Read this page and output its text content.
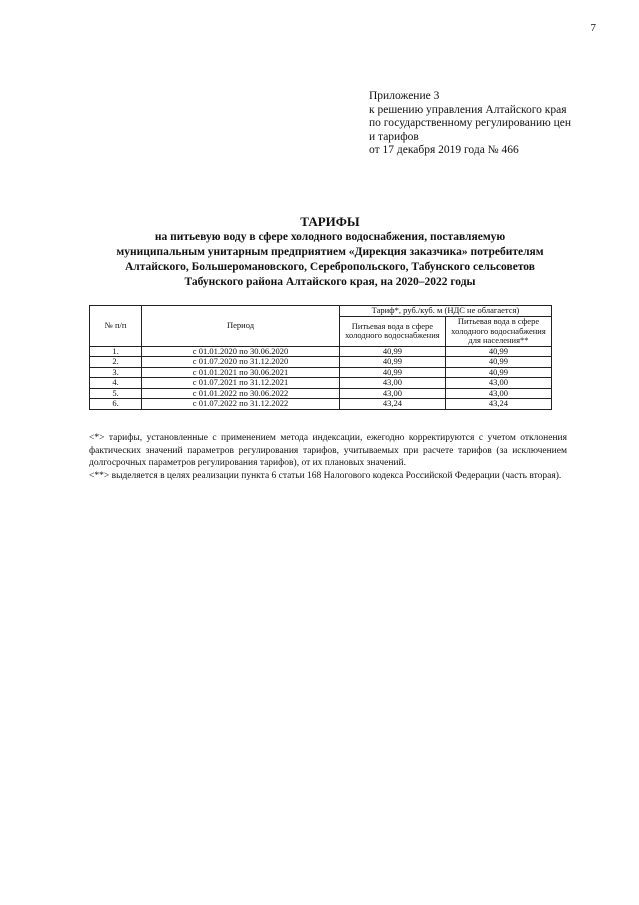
7
Приложение 3
к решению управления Алтайского края
по государственному регулированию цен
и тарифов
от 17 декабря 2019 года № 466
ТАРИФЫ
на питьевую воду в сфере холодного водоснабжения, поставляемую
муниципальным унитарным предприятием «Дирекция заказчика» потребителям
Алтайского, Большеромановского, Серебропольского, Табунского сельсоветов
Табунского района Алтайского края, на 2020–2022 годы
№ п/п	Период	Тариф*, руб./куб. м (НДС не облагается)	
		Питьевая вода в сфере холодного водоснабжения	Питьевая вода в сфере холодного водоснабжения для населения**
1.	с 01.01.2020 по 30.06.2020	40,99	40,99
2.	с 01.07.2020 по 31.12.2020	40,99	40,99
3.	с 01.01.2021 по 30.06.2021	40,99	40,99
4.	с 01.07.2021 по 31.12.2021	43,00	43,00
5.	с 01.01.2022 по 30.06.2022	43,00	43,00
6.	с 01.07.2022 по 31.12.2022	43,24	43,24

<*> тарифы, установленные с применением метода индексации, ежегодно корректируются с учетом отклонения фактических значений параметров регулирования тарифов, учитываемых при расчете тарифов (за исключением долгосрочных параметров регулирования тарифов), от их плановых значений.

<**> выделяется в целях реализации пункта 6 статьи 168 Налогового кодекса Российской Федерации (часть вторая).
